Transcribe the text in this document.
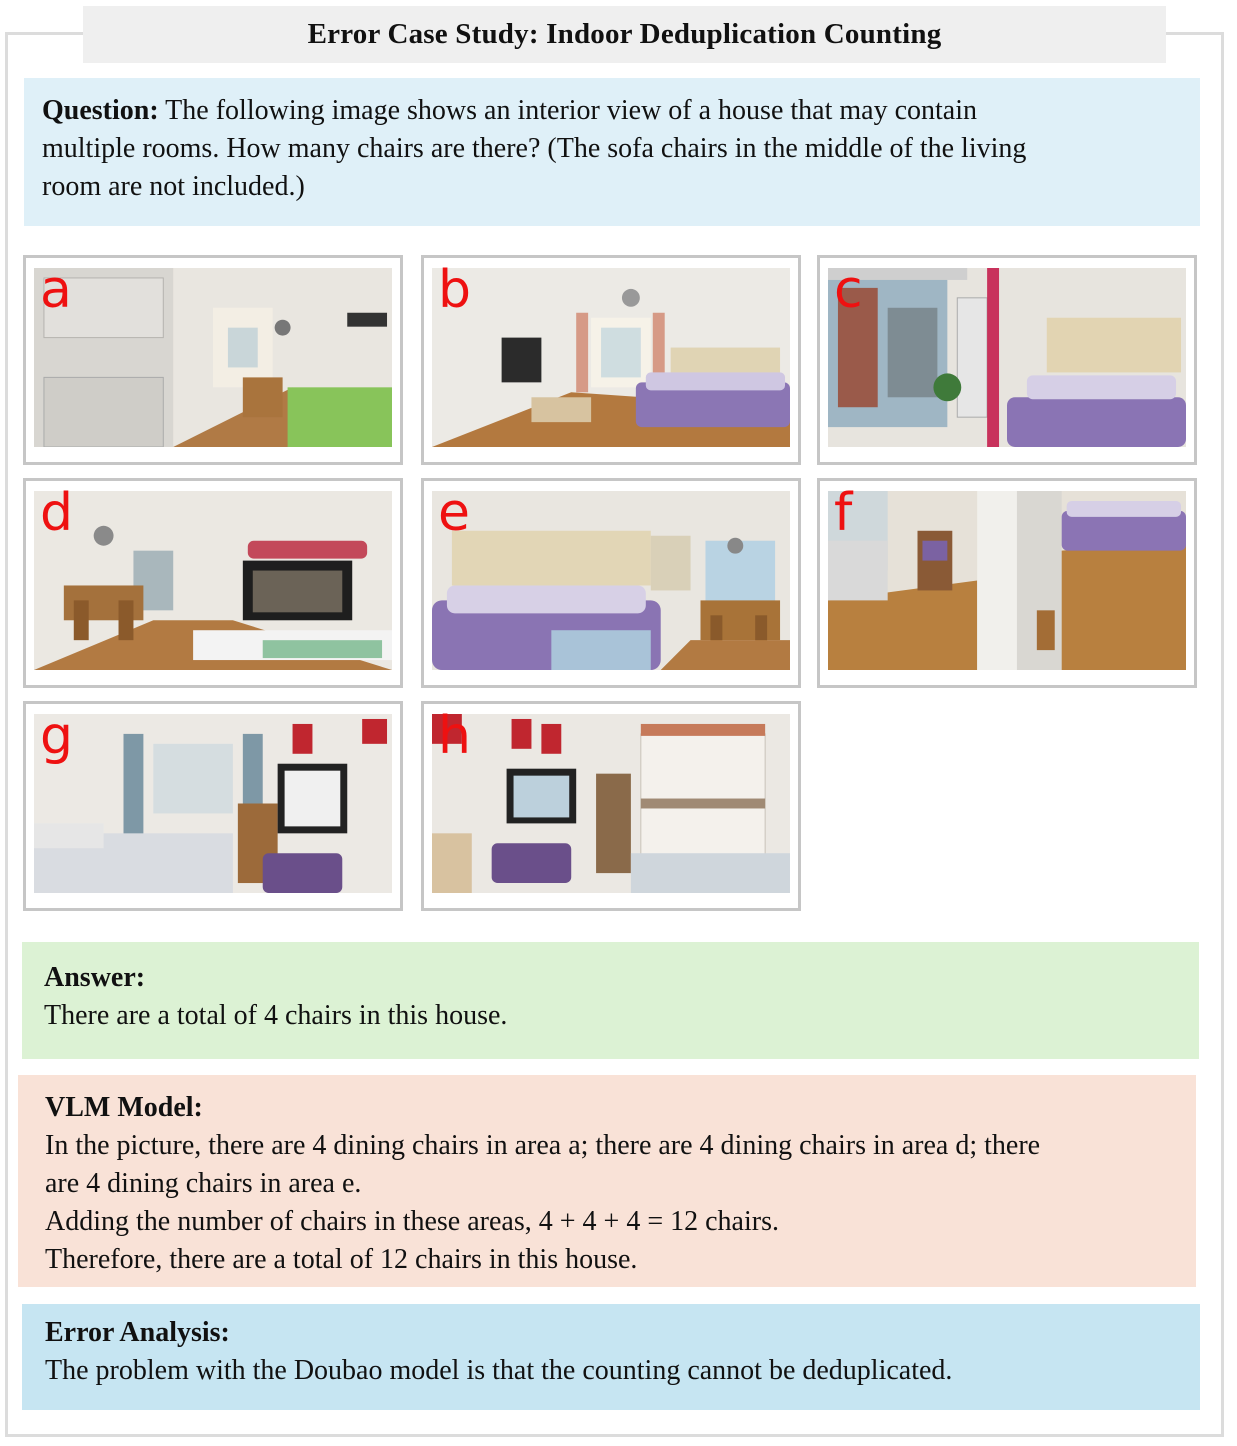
Error Case Study: Indoor Deduplication Counting
Question: The following image shows an interior view of a house that may contain
multiple rooms. How many chairs are there? (The sofa chairs in the middle of the living
room are not included.)
a	b	c
d	e	f
g	h
Answer:
There are a total of 4 chairs in this house.
VLM Model:
In the picture, there are 4 dining chairs in area a; there are 4 dining chairs in area d; there
are 4 dining chairs in area e.
Adding the number of chairs in these areas, 4 + 4 + 4 = 12 chairs.
Therefore, there are a total of 12 chairs in this house.
Error Analysis:
The problem with the Doubao model is that the counting cannot be deduplicated.
